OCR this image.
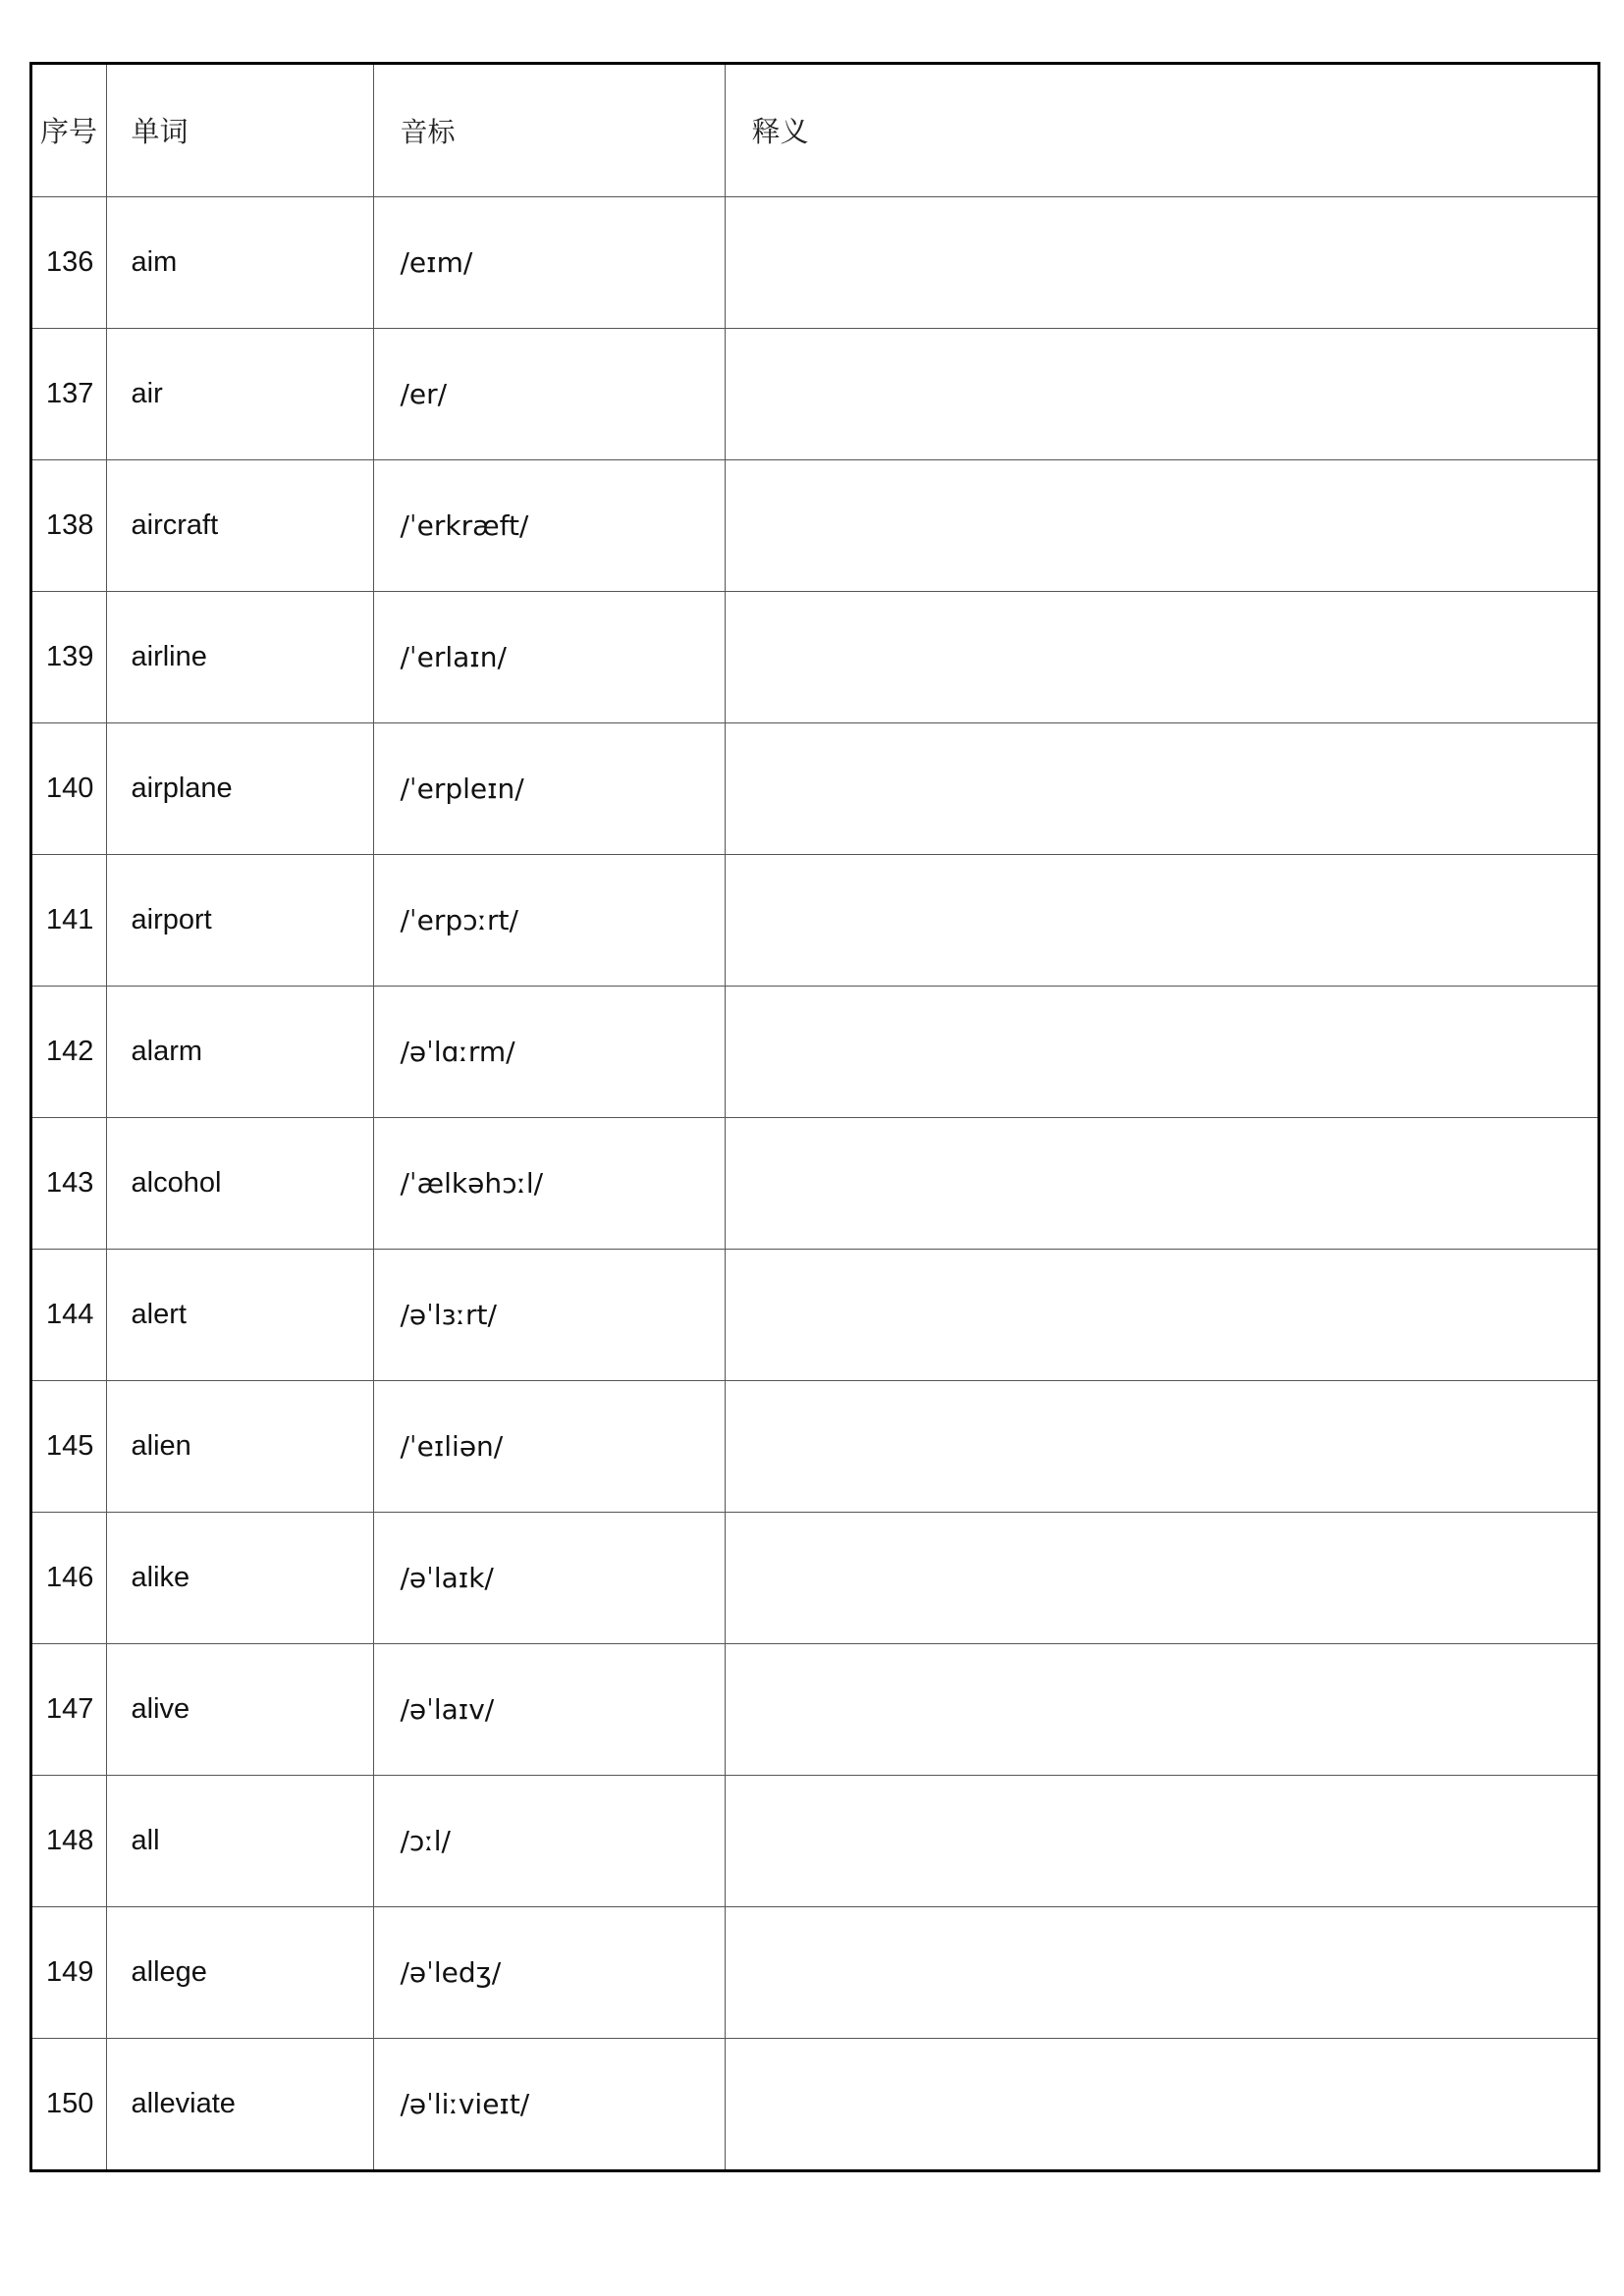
序号	单词	音标	释义
136	aim	/eɪm/	
137	air	/er/	
138	aircraft	/ˈerkræft/	
139	airline	/ˈerlaɪn/	
140	airplane	/ˈerpleɪn/	
141	airport	/ˈerpɔːrt/	
142	alarm	/əˈlɑːrm/	
143	alcohol	/ˈælkəhɔːl/	
144	alert	/əˈlɜːrt/	
145	alien	/ˈeɪliən/	
146	alike	/əˈlaɪk/	
147	alive	/əˈlaɪv/	
148	all	/ɔːl/	
149	allege	/əˈledʒ/	
150	alleviate	/əˈliːvieɪt/	
